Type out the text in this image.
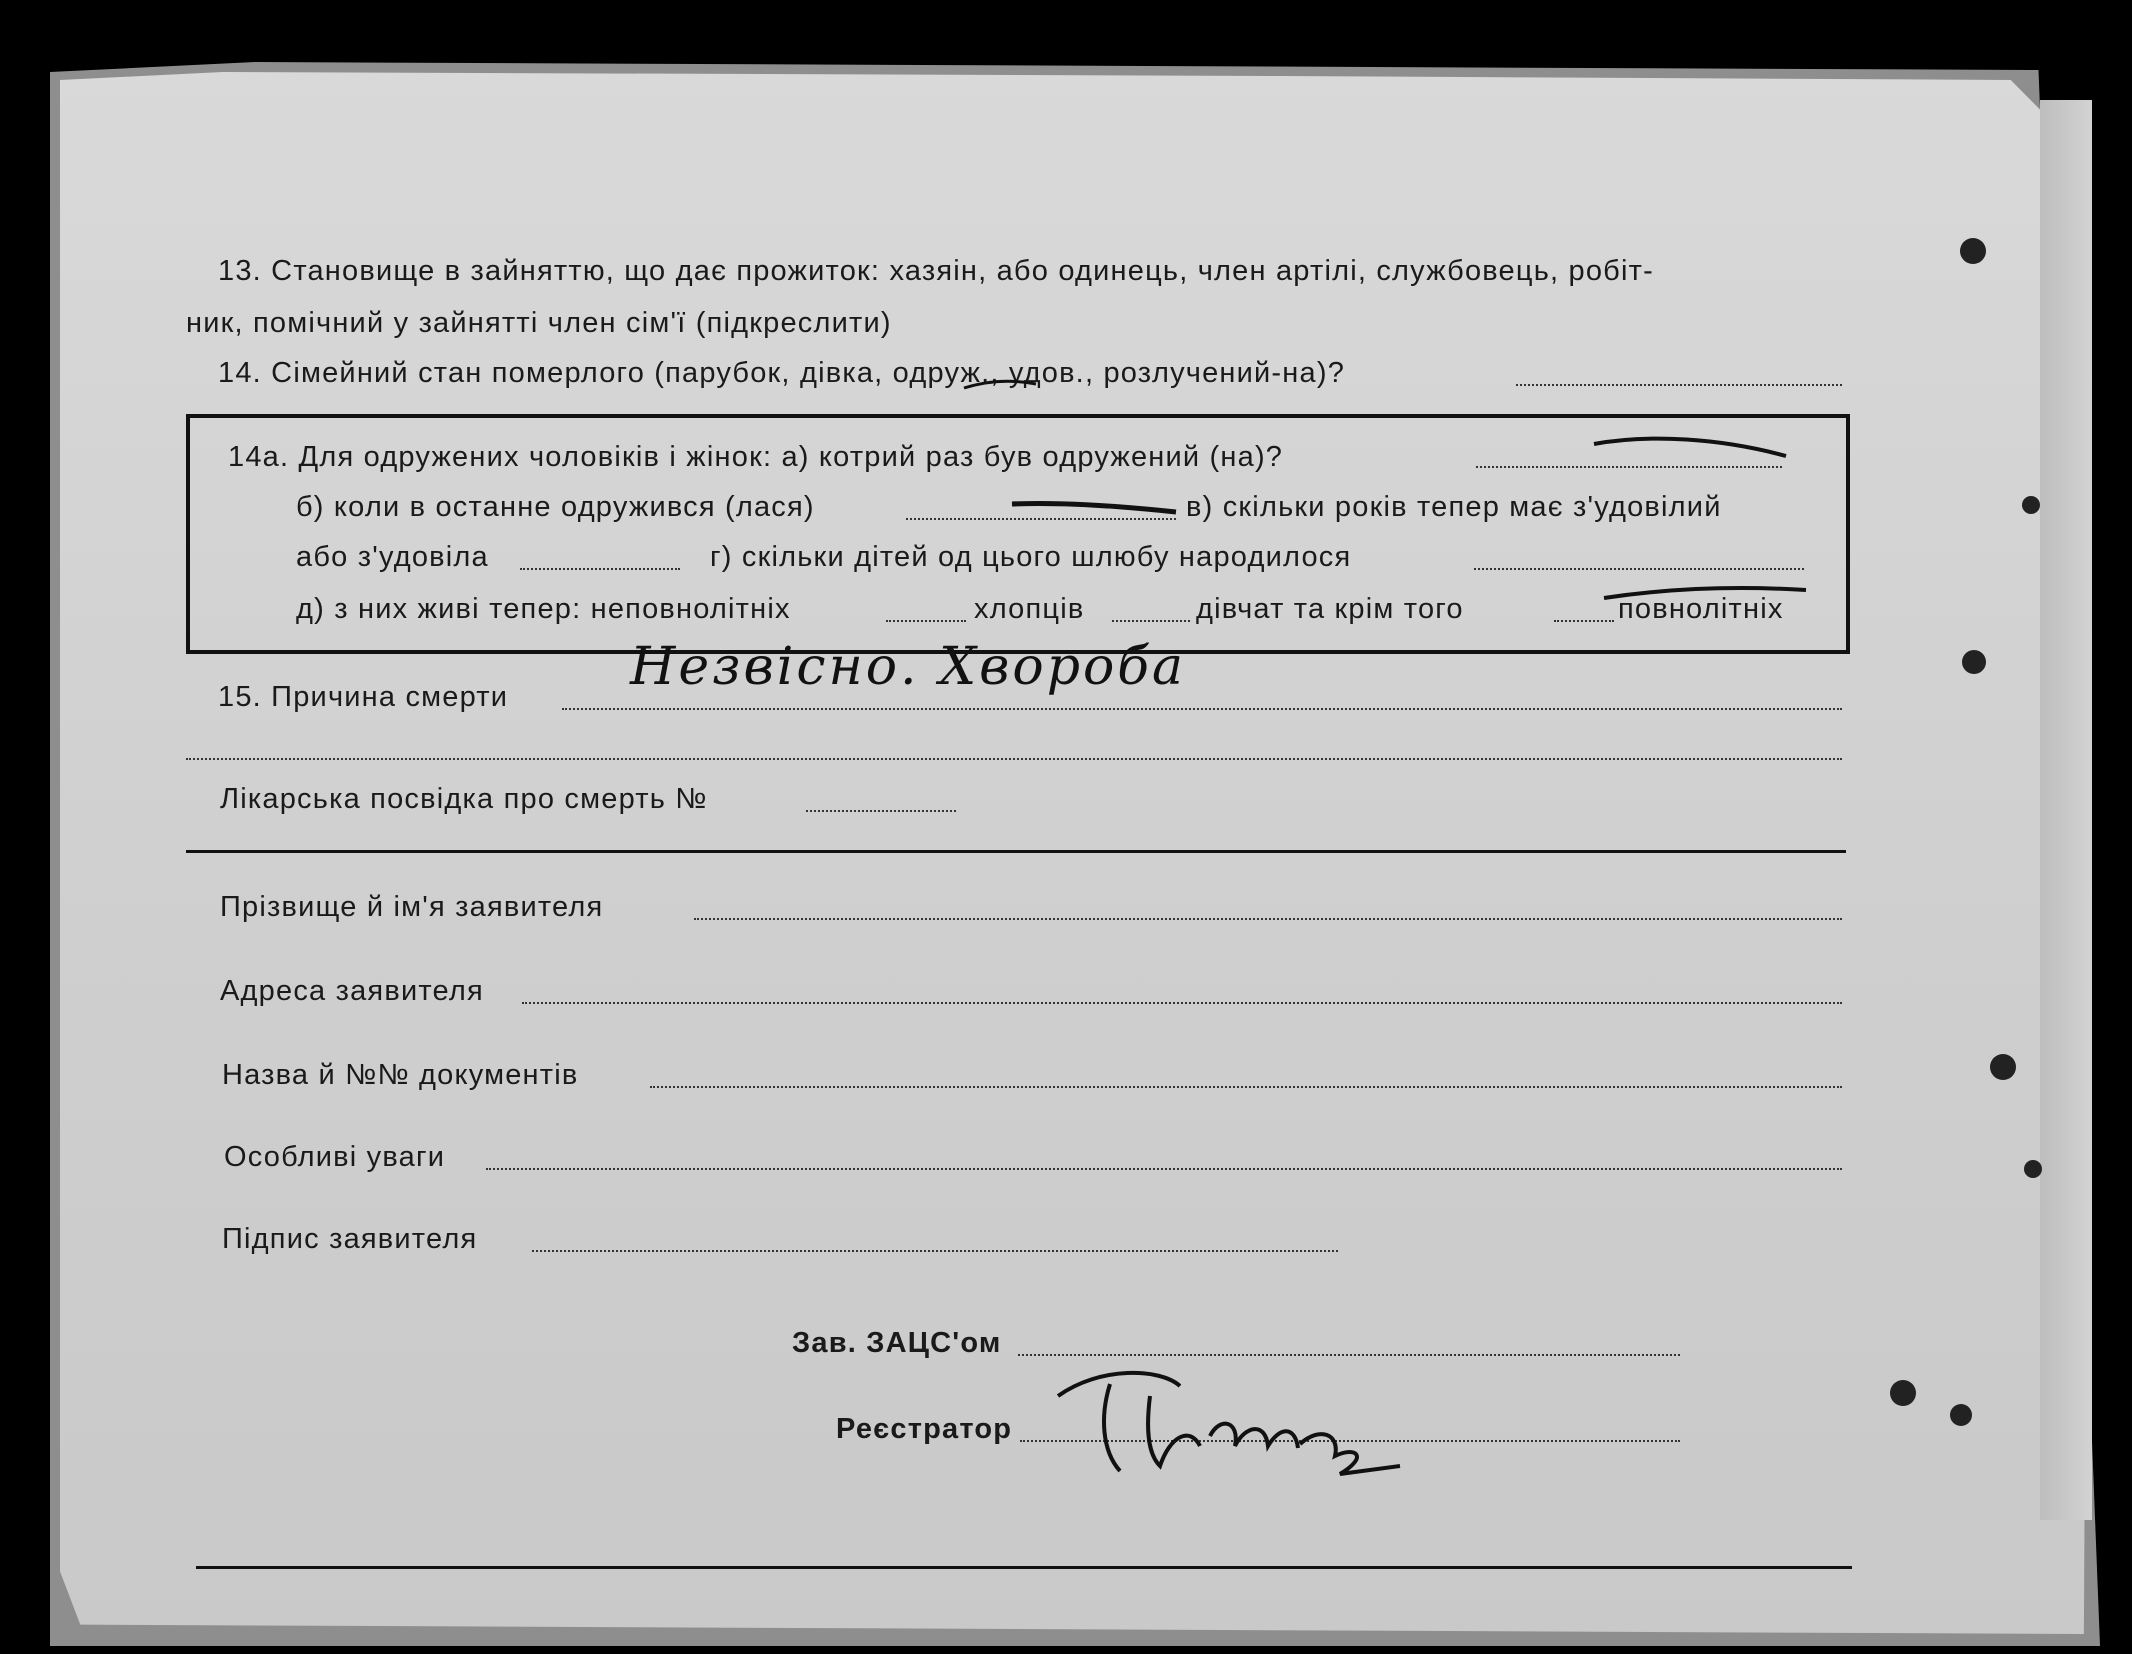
13. Становище в зайняттю, що дає прожиток: хазяін, або одинець, член артілі, службовець, робіт-
ник, помічний у зайнятті член сім'ї (підкреслити)
14. Сімейний стан померлого (парубок, дівка, одруж., удов., розлучений-на)?
14а. Для одружених чоловіків і жінок: а) котрий раз був одружений (на)?
б) коли в останне одружився (лася)	в) скільки років тепер має з'удовілий
або з'удовіла	г) скільки дітей од цього шлюбу народилося
д) з них живі тепер: неповнолітніх	хлопців	дівчат та крім того	повнолітніх
15. Причина смерти Незвісно. Хвороба
Лікарська посвідка про смерть №
Прізвище й ім'я заявителя
Адреса заявителя
Назва й №№ документів
Особливі уваги
Підпис заявителя
Зав. ЗАЦС'ом
Реєстратор
